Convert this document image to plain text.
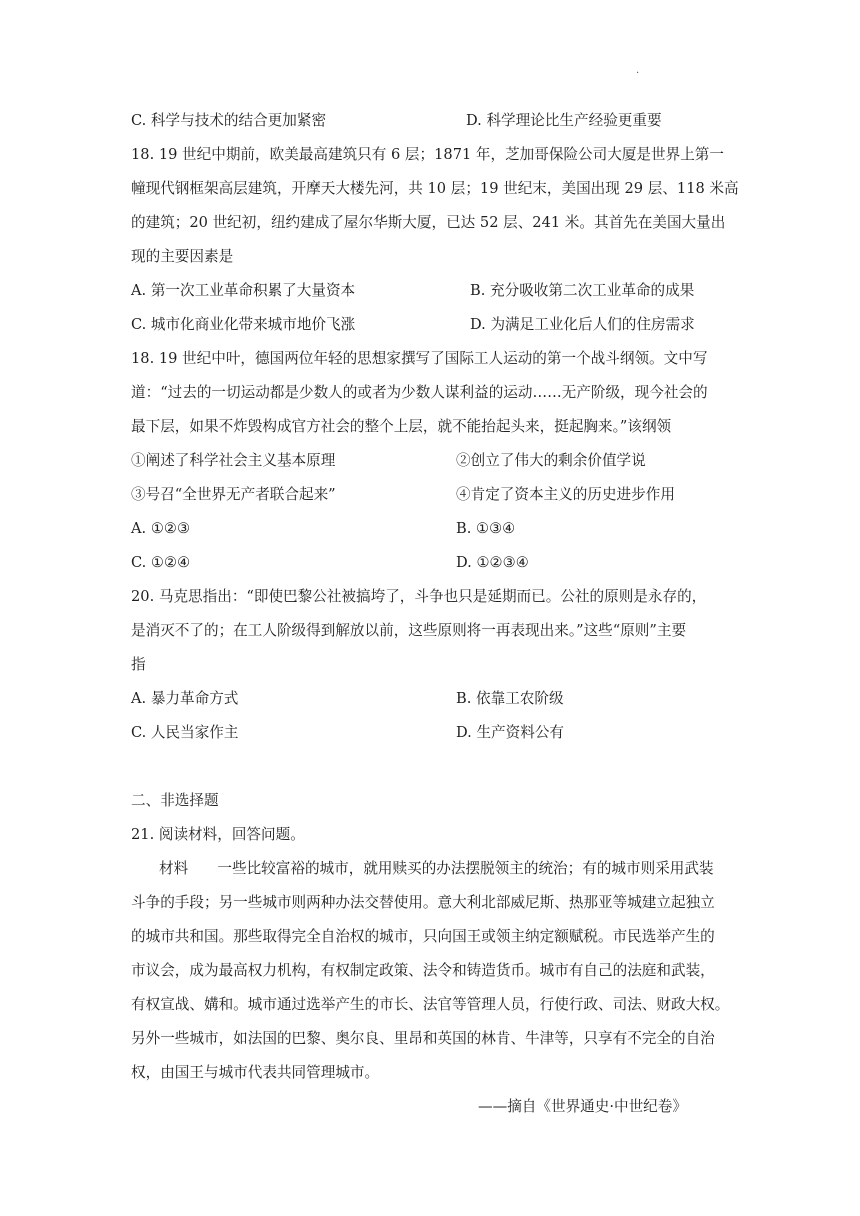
·
C. 科学与技术的结合更加紧密	D. 科学理论比生产经验更重要
18. 19 世纪中期前，欧美最高建筑只有 6 层；1871 年，芝加哥保险公司大厦是世界上第一
幢现代钢框架高层建筑，开摩天大楼先河，共 10 层；19 世纪末，美国出现 29 层、118 米高
的建筑；20 世纪初，纽约建成了屋尔华斯大厦，已达 52 层、241 米。其首先在美国大量出
现的主要因素是
A. 第一次工业革命积累了大量资本	B. 充分吸收第二次工业革命的成果
C. 城市化商业化带来城市地价飞涨	D. 为满足工业化后人们的住房需求
18. 19 世纪中叶，德国两位年轻的思想家撰写了国际工人运动的第一个战斗纲领。文中写
道：“过去的一切运动都是少数人的或者为少数人谋利益的运动……无产阶级，现今社会的
最下层，如果不炸毁构成官方社会的整个上层，就不能抬起头来，挺起胸来。”该纲领
①阐述了科学社会主义基本原理	②创立了伟大的剩余价值学说
③号召“全世界无产者联合起来”	④肯定了资本主义的历史进步作用
A. ①②③	B. ①③④
C. ①②④	D. ①②③④
20. 马克思指出：“即使巴黎公社被搞垮了，斗争也只是延期而已。公社的原则是永存的，
是消灭不了的；在工人阶级得到解放以前，这些原则将一再表现出来。”这些“原则”主要
指
A. 暴力革命方式	B. 依靠工农阶级
C. 人民当家作主	D. 生产资料公有
二、非选择题
21. 阅读材料，回答问题。
材料　　一些比较富裕的城市，就用赎买的办法摆脱领主的统治；有的城市则采用武装
斗争的手段；另一些城市则两种办法交替使用。意大利北部威尼斯、热那亚等城建立起独立
的城市共和国。那些取得完全自治权的城市，只向国王或领主纳定额赋税。市民选举产生的
市议会，成为最高权力机构，有权制定政策、法令和铸造货币。城市有自己的法庭和武装，
有权宣战、媾和。城市通过选举产生的市长、法官等管理人员，行使行政、司法、财政大权。
另外一些城市，如法国的巴黎、奥尔良、里昂和英国的林肯、牛津等，只享有不完全的自治
权，由国王与城市代表共同管理城市。
——摘自《世界通史·中世纪卷》
